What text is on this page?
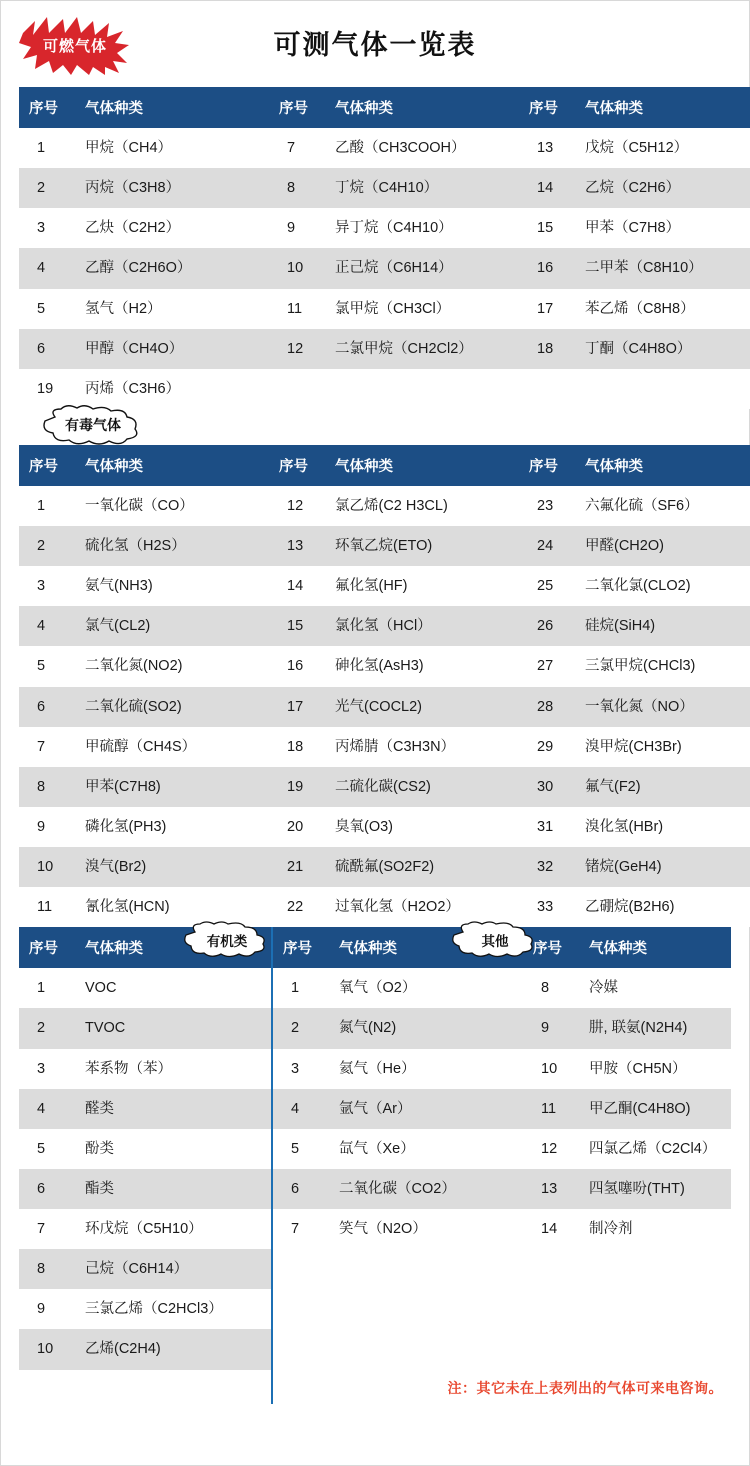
可燃气体	可测气体一览表
序号	气体种类	序号	气体种类	序号	气体种类
1	甲烷（CH4）	7	乙酸（CH3COOH）	13	戊烷（C5H12）
2	丙烷（C3H8）	8	丁烷（C4H10）	14	乙烷（C2H6）
3	乙炔（C2H2）	9	异丁烷（C4H10）	15	甲苯（C7H8）
4	乙醇（C2H6O）	10	正己烷（C6H14）	16	二甲苯（C8H10）
5	氢气（H2）	11	氯甲烷（CH3Cl）	17	苯乙烯（C8H8）
6	甲醇（CH4O）	12	二氯甲烷（CH2Cl2）	18	丁酮（C4H8O）
19	丙烯（C3H6）				
有毒气体
序号	气体种类	序号	气体种类	序号	气体种类
1	一氧化碳（CO）	12	氯乙烯(C2 H3CL)	23	六氟化硫（SF6）
2	硫化氢（H2S）	13	环氧乙烷(ETO)	24	甲醛(CH2O)
3	氨气(NH3)	14	氟化氢(HF)	25	二氧化氯(CLO2)
4	氯气(CL2)	15	氯化氢（HCl）	26	硅烷(SiH4)
5	二氧化氮(NO2)	16	砷化氢(AsH3)	27	三氯甲烷(CHCl3)
6	二氧化硫(SO2)	17	光气(COCL2)	28	一氧化氮（NO）
7	甲硫醇（CH4S）	18	丙烯腈（C3H3N）	29	溴甲烷(CH3Br)
8	甲苯(C7H8)	19	二硫化碳(CS2)	30	氟气(F2)
9	磷化氢(PH3)	20	臭氧(O3)	31	溴化氢(HBr)
10	溴气(Br2)	21	硫酰氟(SO2F2)	32	锗烷(GeH4)
11	氰化氢(HCN)	22	过氧化氢（H2O2）	33	乙硼烷(B2H6)
有机类	其他
序号	气体种类
1	VOC
2	TVOC
3	苯系物（苯）
4	醛类
5	酚类
6	酯类
7	环戊烷（C5H10）
8	己烷（C6H14）
9	三氯乙烯（C2HCl3）
10	乙烯(C2H4)
序号	气体种类	序号	气体种类
1	氧气（O2）	8	冷媒
2	氮气(N2)	9	肼, 联氨(N2H4)
3	氦气（He）	10	甲胺（CH5N）
4	氩气（Ar）	11	甲乙酮(C4H8O)
5	氙气（Xe）	12	四氯乙烯（C2Cl4）
6	二氧化碳（CO2）	13	四氢噻吩(THT)
7	笑气（N2O）	14	制冷剂

注：其它未在上表列出的气体可来电咨询。
